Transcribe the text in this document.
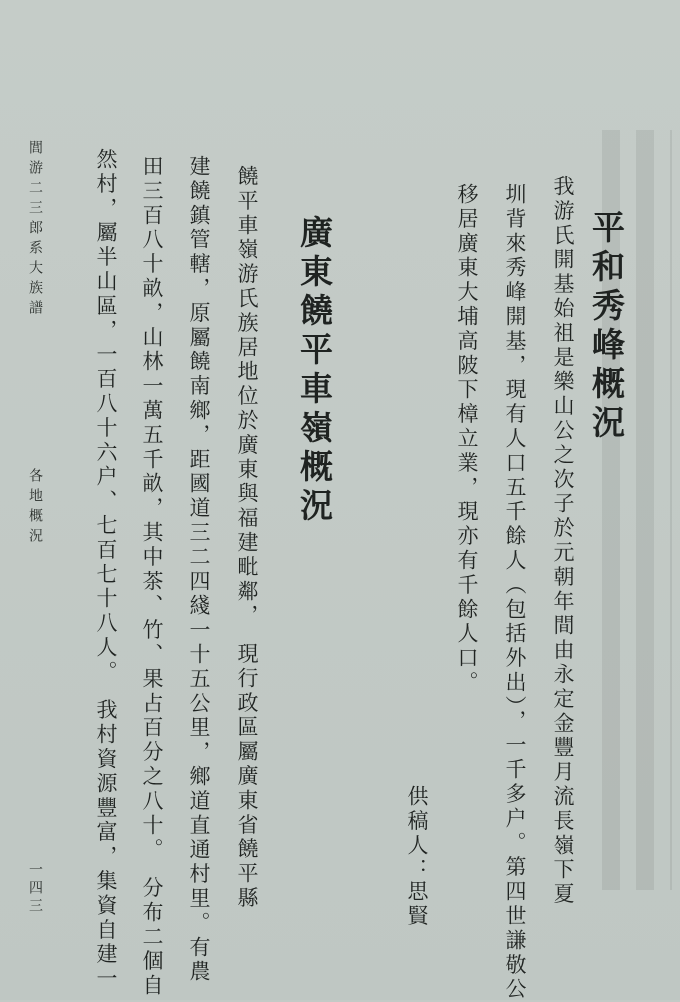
平和秀峰概況

我游氏開基始祖是樂山公之次子於元朝年間由永定金豐月流長嶺下夏

圳背來秀峰開基，現有人口五千餘人（包括外出），一千多户。第四世謙敬公

移居廣東大埔高陂下樟立業，現亦有千餘人口。

供稿人：
思賢
廣東饒平車嶺概況

饒平車嶺游氏族居地位於廣東與福建毗鄰，　現行政區屬廣東省饒平縣

建饒鎮管轄，原屬饒南鄉，距國道三二四綫一十五公里，鄉道直通村里。有農

田三百八十畝，山林一萬五千畝，其中茶、竹、果占百分之八十。　分布二個自

然村，屬半山區，一百八十六户、七百七十八人。　我村資源豐富，集資自建一

閭游二三郎系大族譜
各地概況
一四三
